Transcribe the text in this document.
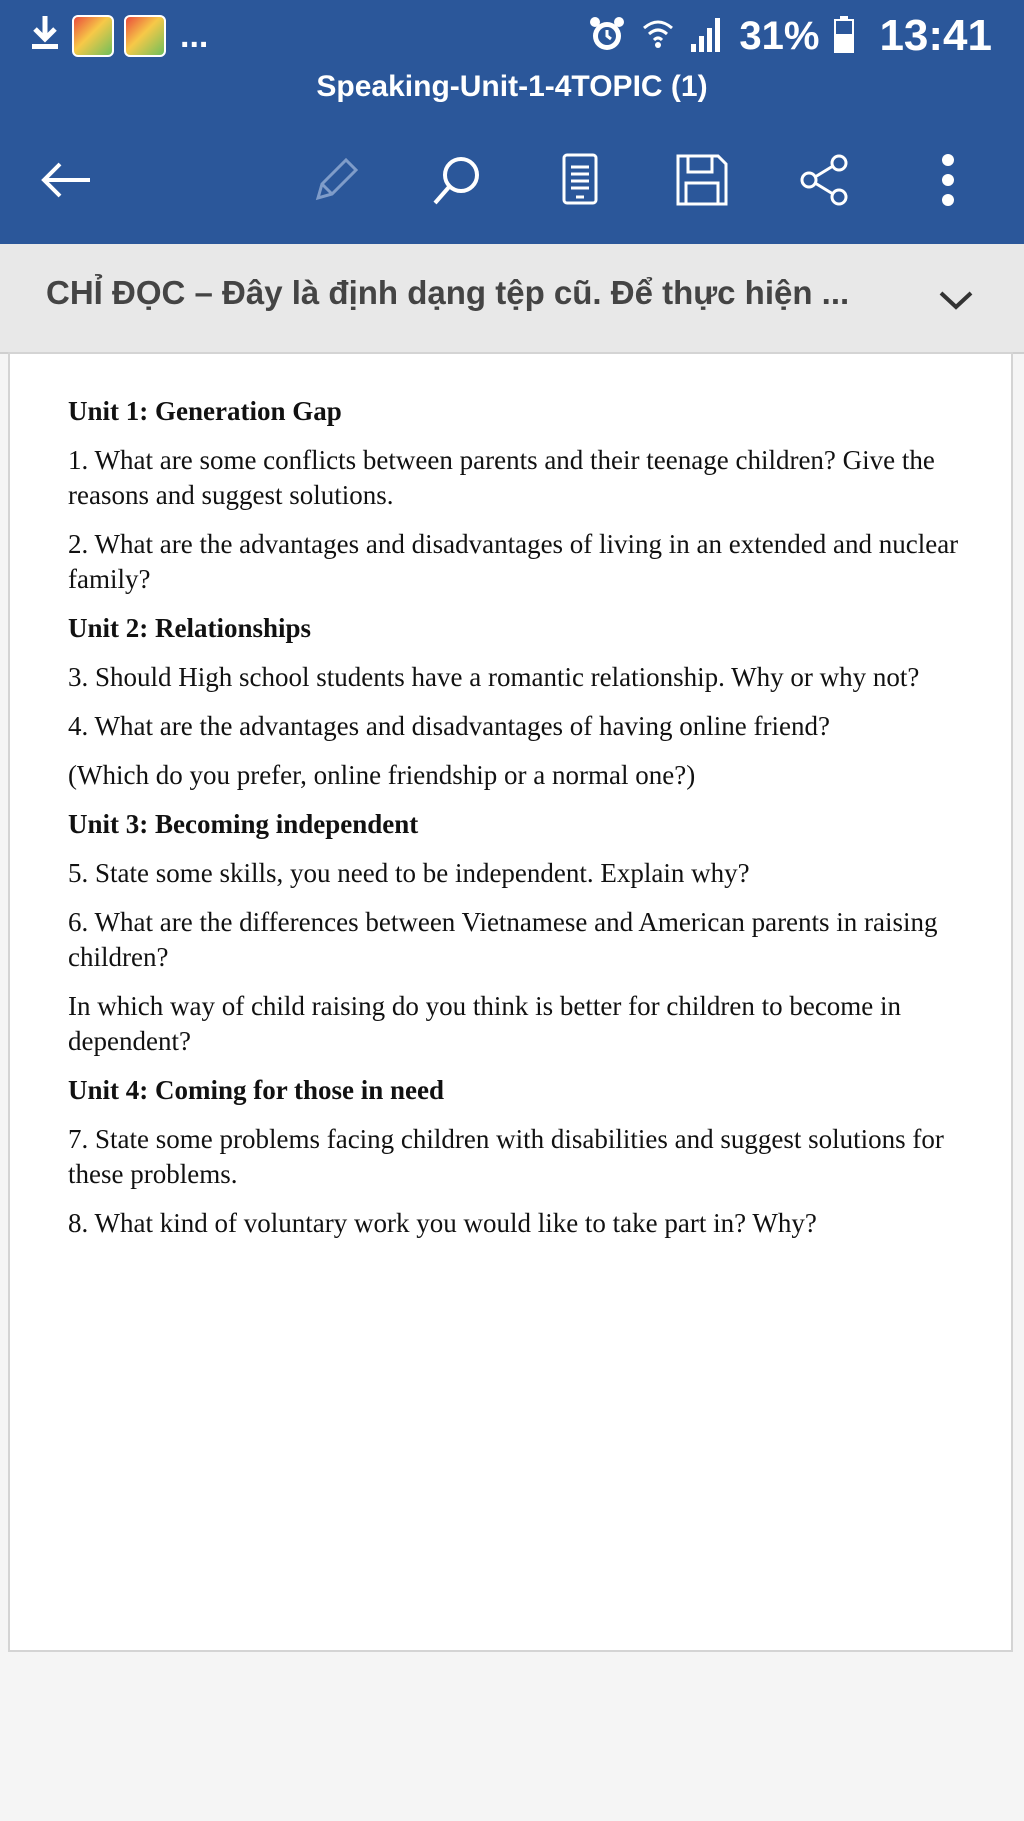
...	31% 13:41
Speaking-Unit-1-4TOPIC (1)
CHỈ ĐỌC – Đây là định dạng tệp cũ. Để thực hiện ...

Unit 1: Generation Gap

1. What are some conflicts between parents and their teenage children? Give the reasons and suggest solutions.

2. What are the advantages and disadvantages of living in an extended and nuclear family?

Unit 2: Relationships

3. Should High school students have a romantic relationship. Why or why not?

4. What are the advantages and disadvantages of having online friend?

(Which do you prefer, online friendship or a normal one?)

Unit 3: Becoming independent

5. State some skills, you need to be independent. Explain why?

6. What are the differences between Vietnamese and American parents in raising children?

In which way of child raising do you think is better for children to become in dependent?

Unit 4: Coming for those in need

7. State some problems facing children with disabilities and suggest solutions for these problems.

8. What kind of voluntary work you would like to take part in? Why?
